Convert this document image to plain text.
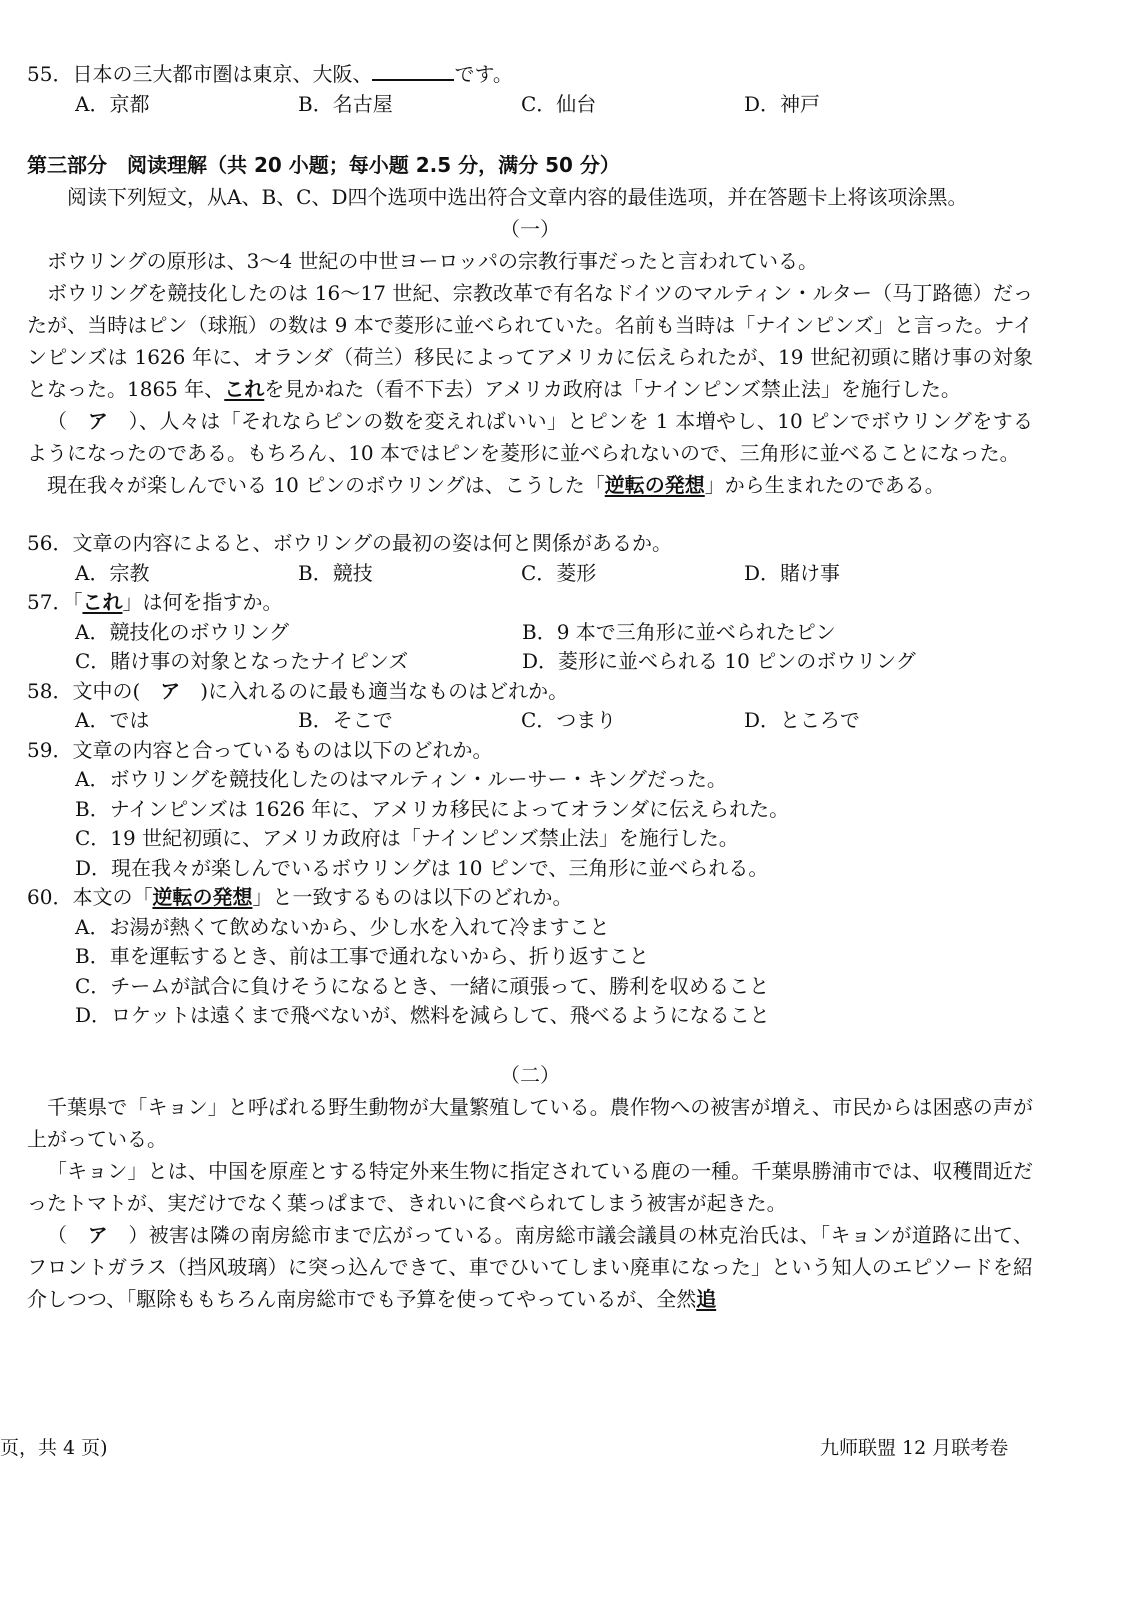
55．日本の三大都市圏は東京、大阪、	です。
A．京都	B．名古屋	C．仙台	D．神戸
第三部分　阅读理解（共 20 小题；每小题 2.5 分，满分 50 分）
阅读下列短文，从A、B、C、D四个选项中选出符合文章内容的最佳选项，并在答题卡上将该项涂黑。
（一）
ボウリングの原形は、3～4 世紀の中世ヨーロッパの宗教行事だったと言われている。
ボウリングを競技化したのは 16～17 世紀、宗教改革で有名なドイツのマルティン・ルター（马丁路德）だったが、当時はピン（球瓶）の数は 9 本で菱形に並べられていた。名前も当時は「ナインピンズ」と言った。ナインピンズは 1626 年に、オランダ（荷兰）移民によってアメリカに伝えられたが、19 世紀初頭に賭け事の対象となった。1865 年、これを見かねた（看不下去）アメリカ政府は「ナインピンズ禁止法」を施行した。
（　ア　）、人々は「それならピンの数を変えればいい」とピンを 1 本増やし、10 ピンでボウリングをするようになったのである。もちろん、10 本ではピンを菱形に並べられないので、三角形に並べることになった。
現在我々が楽しんでいる 10 ピンのボウリングは、こうした「逆転の発想」から生まれたのである。
56．文章の内容によると、ボウリングの最初の姿は何と関係があるか。
A．宗教	B．競技	C．菱形	D．賭け事
57．「これ」は何を指すか。
A．競技化のボウリング	B．9 本で三角形に並べられたピン
C．賭け事の対象となったナイピンズ	D．菱形に並べられる 10 ピンのボウリング
58．文中の(　ア　)に入れるのに最も適当なものはどれか。
A．では	B．そこで	C．つまり	D．ところで
59．文章の内容と合っているものは以下のどれか。
A．ボウリングを競技化したのはマルティン・ルーサー・キングだった。
B．ナインピンズは 1626 年に、アメリカ移民によってオランダに伝えられた。
C．19 世紀初頭に、アメリカ政府は「ナインピンズ禁止法」を施行した。
D．現在我々が楽しんでいるボウリングは 10 ピンで、三角形に並べられる。
60．本文の「逆転の発想」と一致するものは以下のどれか。
A．お湯が熱くて飲めないから、少し水を入れて冷ますこと
B．車を運転するとき、前は工事で通れないから、折り返すこと
C．チームが試合に負けそうになるとき、一緒に頑張って、勝利を収めること
D．ロケットは遠くまで飛べないが、燃料を減らして、飛べるようになること
（二）
千葉県で「キョン」と呼ばれる野生動物が大量繁殖している。農作物への被害が増え、市民からは困惑の声が上がっている。
「キョン」とは、中国を原産とする特定外来生物に指定されている鹿の一種。千葉県勝浦市では、収穫間近だったトマトが、実だけでなく葉っぱまで、きれいに食べられてしまう被害が起きた。
（　ア　）被害は隣の南房総市まで広がっている。南房総市議会議員の林克治氏は、「キョンが道路に出て、フロントガラス（挡风玻璃）に突っ込んできて、車でひいてしまい廃車になった」という知人のエピソードを紹介しつつ、「駆除ももちろん南房総市でも予算を使ってやっているが、全然追
页，共 4 页)	九师联盟 12 月联考卷
